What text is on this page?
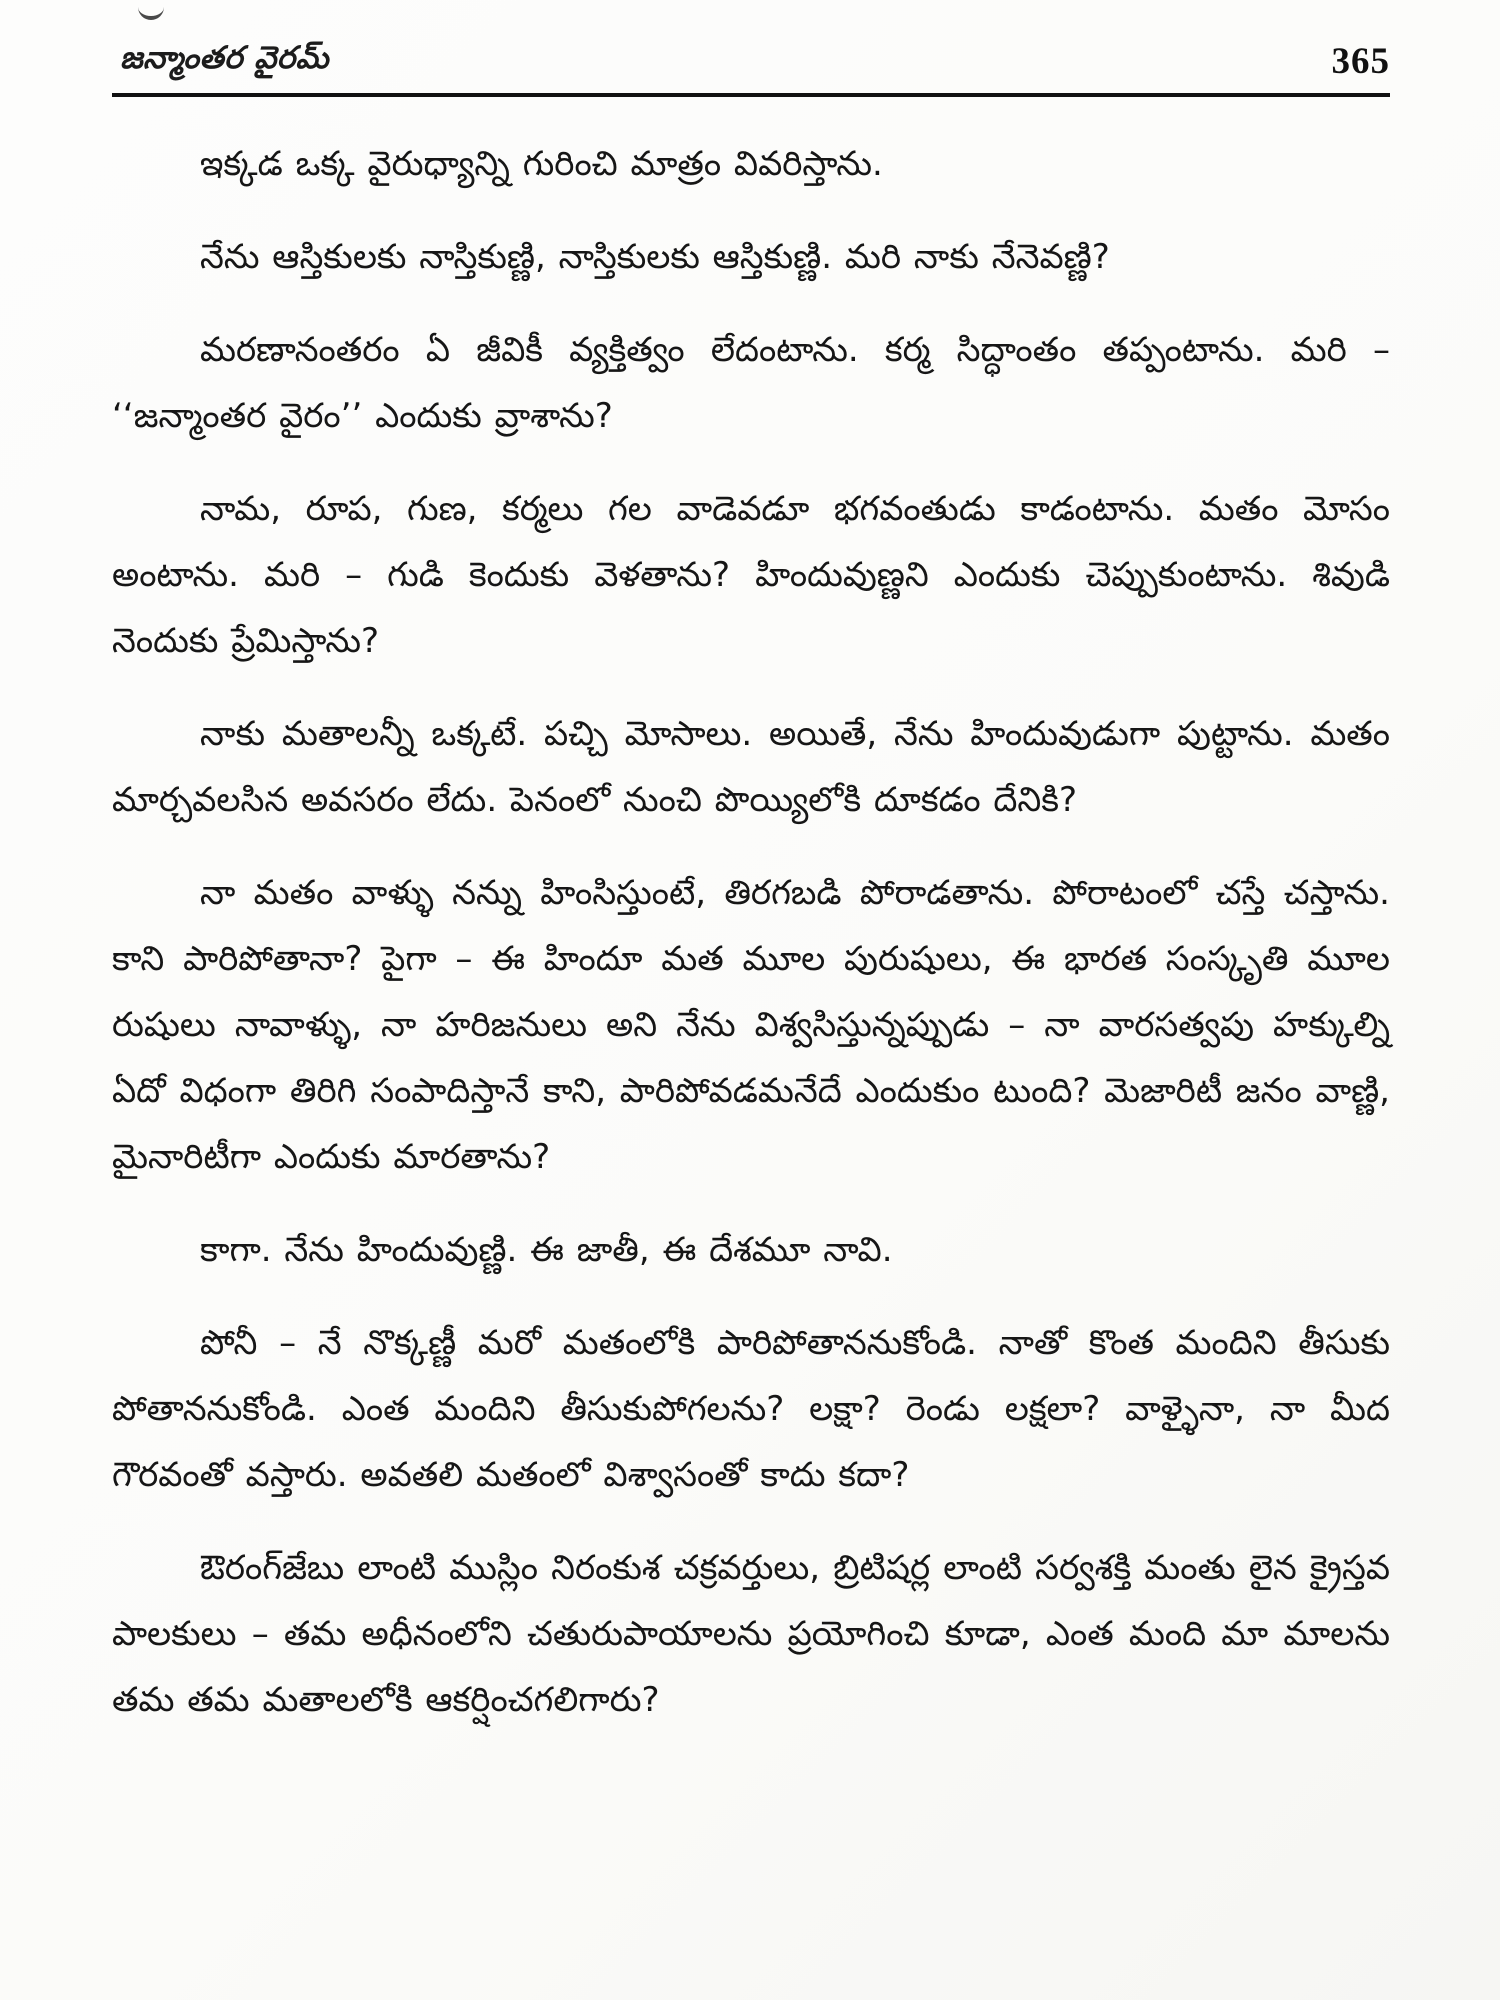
జన్మాంతర వైరమ్	365

ఇక్కడ ఒక్క వైరుధ్యాన్ని గురించి మాత్రం వివరిస్తాను.

నేను ఆస్తికులకు నాస్తికుణ్ణి, నాస్తికులకు ఆస్తికుణ్ణి. మరి నాకు నేనెవణ్ణి?

మరణానంతరం ఏ జీవికీ వ్యక్తిత్వం లేదంటాను. కర్మ సిద్ధాంతం తప్పంటాను. మరి – ‘‘జన్మాంతర వైరం’’ ఎందుకు వ్రాశాను?

నామ, రూప, గుణ, కర్మలు గల వాడెవడూ భగవంతుడు కాడంటాను. మతం మోసం అంటాను. మరి – గుడి కెందుకు వెళతాను? హిందువుణ్ణని ఎందుకు చెప్పుకుంటాను. శివుడి నెందుకు ప్రేమిస్తాను?

నాకు మతాలన్నీ ఒక్కటే. పచ్చి మోసాలు. అయితే, నేను హిందువుడుగా పుట్టాను. మతం మార్చవలసిన అవసరం లేదు. పెనంలో నుంచి పొయ్యిలోకి దూకడం దేనికి?

నా మతం వాళ్ళు నన్ను హింసిస్తుంటే, తిరగబడి పోరాడతాను. పోరాటంలో చస్తే చస్తాను. కాని పారిపోతానా? పైగా – ఈ హిందూ మత మూల పురుషులు, ఈ భారత సంస్కృతి మూల రుషులు నావాళ్ళు, నా హరిజనులు అని నేను విశ్వసిస్తున్నప్పుడు – నా వారసత్వపు హక్కుల్ని ఏదో విధంగా తిరిగి సంపాదిస్తానే కాని, పారిపోవడమనేదే ఎందుకుం టుంది? మెజారిటీ జనం వాణ్ణి, మైనారిటీగా ఎందుకు మారతాను?

కాగా. నేను హిందువుణ్ణి. ఈ జాతీ, ఈ దేశమూ నావి.

పోనీ – నే నొక్కణ్ణీ మరో మతంలోకి పారిపోతాననుకోండి. నాతో కొంత మందిని తీసుకు పోతాననుకోండి. ఎంత మందిని తీసుకుపోగలను? లక్షా? రెండు లక్షలా? వాళ్ళైనా, నా మీద గౌరవంతో వస్తారు. అవతలి మతంలో విశ్వాసంతో కాదు కదా?

ఔరంగ్‌జేబు లాంటి ముస్లిం నిరంకుశ చక్రవర్తులు, బ్రిటిషర్ల లాంటి సర్వశక్తి మంతు లైన క్రైస్తవ పాలకులు – తమ అధీనంలోని చతురుపాయాలను ప్రయోగించి కూడా, ఎంత మంది మా మాలను తమ తమ మతాలలోకి ఆకర్షించగలిగారు?
